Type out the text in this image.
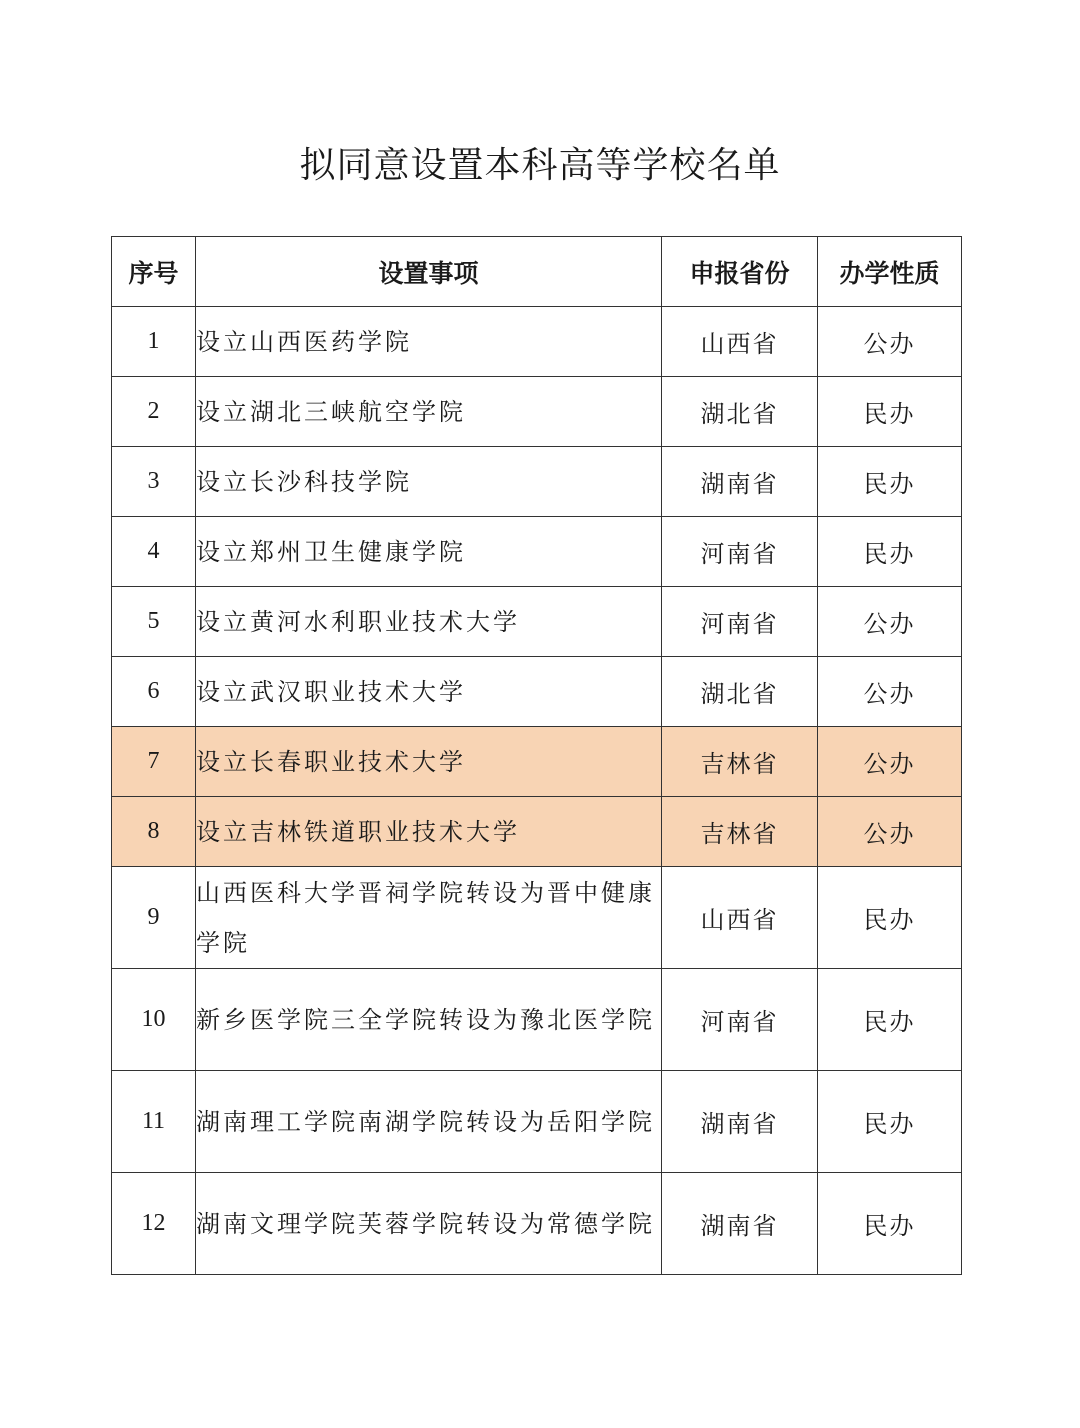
拟同意设置本科高等学校名单
序号	设置事项	申报省份	办学性质
1	设立山西医药学院	山西省	公办
2	设立湖北三峡航空学院	湖北省	民办
3	设立长沙科技学院	湖南省	民办
4	设立郑州卫生健康学院	河南省	民办
5	设立黄河水利职业技术大学	河南省	公办
6	设立武汉职业技术大学	湖北省	公办
7	设立长春职业技术大学	吉林省	公办
8	设立吉林铁道职业技术大学	吉林省	公办
9	山西医科大学晋祠学院转设为晋中健康学院	山西省	民办
10	新乡医学院三全学院转设为豫北医学院	河南省	民办
11	湖南理工学院南湖学院转设为岳阳学院	湖南省	民办
12	湖南文理学院芙蓉学院转设为常德学院	湖南省	民办
